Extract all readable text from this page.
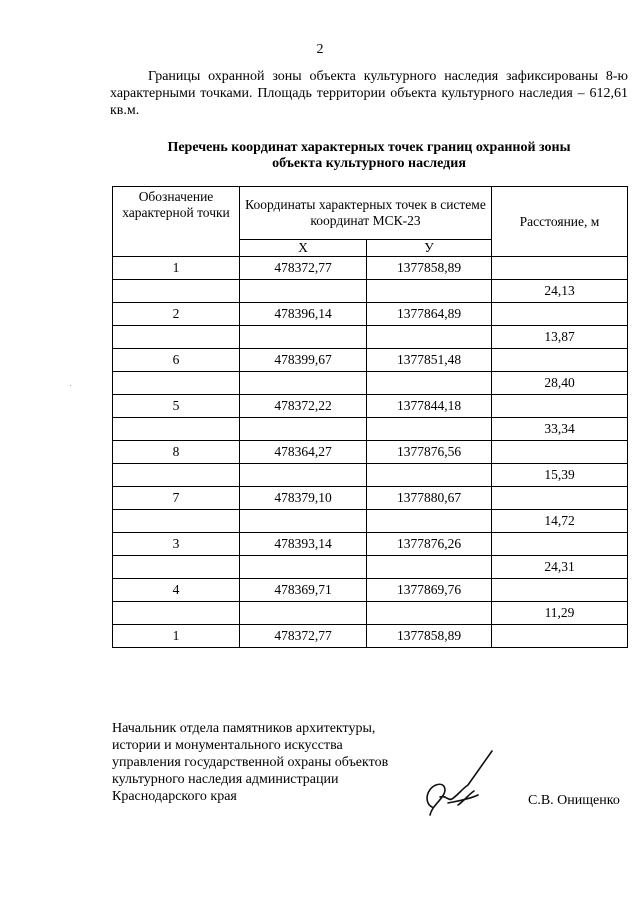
2
Границы охранной зоны объекта культурного наследия зафиксированы 8-ю характерными точками. Площадь территории объекта культурного наследия – 612,61 кв.м.
Перечень координат характерных точек границ охранной зоны
объекта культурного наследия
Обозначение характерной точки	Координаты характерных точек в системе координат МСК-23		Расстояние, м
	X	У	
1	478372,77	1377858,89	
			24,13
2	478396,14	1377864,89	
			13,87
6	478399,67	1377851,48	
			28,40
5	478372,22	1377844,18	
			33,34
8	478364,27	1377876,56	
			15,39
7	478379,10	1377880,67	
			14,72
3	478393,14	1377876,26	
			24,31
4	478369,71	1377869,76	
			11,29
1	478372,77	1377858,89	
Начальник отдела памятников архитектуры,
истории и монументального искусства
управления государственной охраны объектов
культурного наследия администрации
Краснодарского края	С.В. Онищенко
